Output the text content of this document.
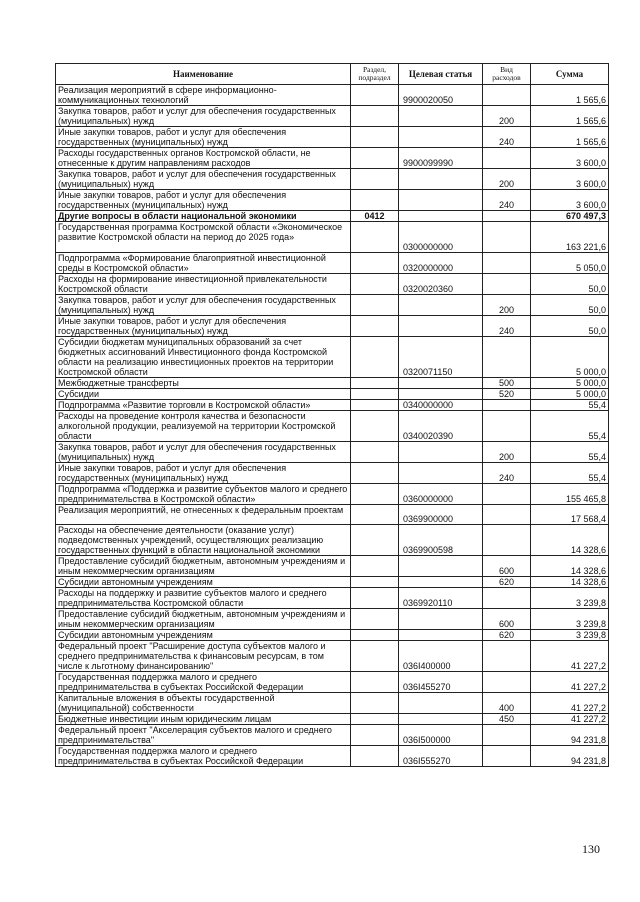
Наименование	Раздел, подраздел	Целевая статья	Вид расходов	Сумма
Реализация мероприятий в сфере информационно-коммуникационных технологий		9900020050		1 565,6
Закупка товаров, работ и услуг для обеспечения государственных (муниципальных) нужд			200	1 565,6
Иные закупки товаров, работ и услуг для обеспечения государственных (муниципальных) нужд			240	1 565,6
Расходы государственных органов Костромской области, не отнесенные к другим направлениям расходов		9900099990		3 600,0
Закупка товаров, работ и услуг для обеспечения государственных (муниципальных) нужд			200	3 600,0
Иные закупки товаров, работ и услуг для обеспечения государственных (муниципальных) нужд			240	3 600,0
Другие вопросы в области национальной экономики	0412			670 497,3
Государственная программа Костромской области «Экономическое развитие Костромской области на период до 2025 года»		0300000000		163 221,6
Подпрограмма «Формирование благоприятной инвестиционной среды в Костромской области»		0320000000		5 050,0
Расходы на формирование инвестиционной привлекательности Костромской области		0320020360		50,0
Закупка товаров, работ и услуг для обеспечения государственных (муниципальных) нужд			200	50,0
Иные закупки товаров, работ и услуг для обеспечения государственных (муниципальных) нужд			240	50,0
Субсидии бюджетам муниципальных образований за счет бюджетных ассигнований Инвестиционного фонда Костромской области на реализацию инвестиционных проектов на территории Костромской области		0320071150		5 000,0
Межбюджетные трансферты			500	5 000,0
Субсидии			520	5 000,0
Подпрограмма «Развитие торговли в Костромской области»		0340000000		55,4
Расходы на проведение контроля качества и безопасности алкогольной продукции, реализуемой на территории Костромской области		0340020390		55,4
Закупка товаров, работ и услуг для обеспечения государственных (муниципальных) нужд			200	55,4
Иные закупки товаров, работ и услуг для обеспечения государственных (муниципальных) нужд			240	55,4
Подпрограмма «Поддержка и развитие субъектов малого и среднего предпринимательства в Костромской области»		0360000000		155 465,8
Реализация мероприятий, не отнесенных к федеральным проектам		0369900000		17 568,4
Расходы на обеспечение деятельности (оказание услуг) подведомственных учреждений, осуществляющих реализацию государственных функций в области национальной экономики		0369900598		14 328,6
Предоставление субсидий бюджетным, автономным учреждениям и иным некоммерческим организациям			600	14 328,6
Субсидии автономным учреждениям			620	14 328,6
Расходы на поддержку и развитие субъектов малого и среднего предпринимательства Костромской области		0369920110		3 239,8
Предоставление субсидий бюджетным, автономным учреждениям и иным некоммерческим организациям			600	3 239,8
Субсидии автономным учреждениям			620	3 239,8
Федеральный проект "Расширение доступа субъектов малого и среднего предпринимательства к финансовым ресурсам, в том числе к льготному финансированию"		036I400000		41 227,2
Государственная поддержка малого и среднего предпринимательства в субъектах Российской Федерации		036I455270		41 227,2
Капитальные вложения в объекты государственной (муниципальной) собственности			400	41 227,2
Бюджетные инвестиции иным юридическим лицам			450	41 227,2
Федеральный проект "Акселерация субъектов малого и среднего предпринимательства"		036I500000		94 231,8
Государственная поддержка малого и среднего предпринимательства в субъектах Российской Федерации		036I555270		94 231,8
130
